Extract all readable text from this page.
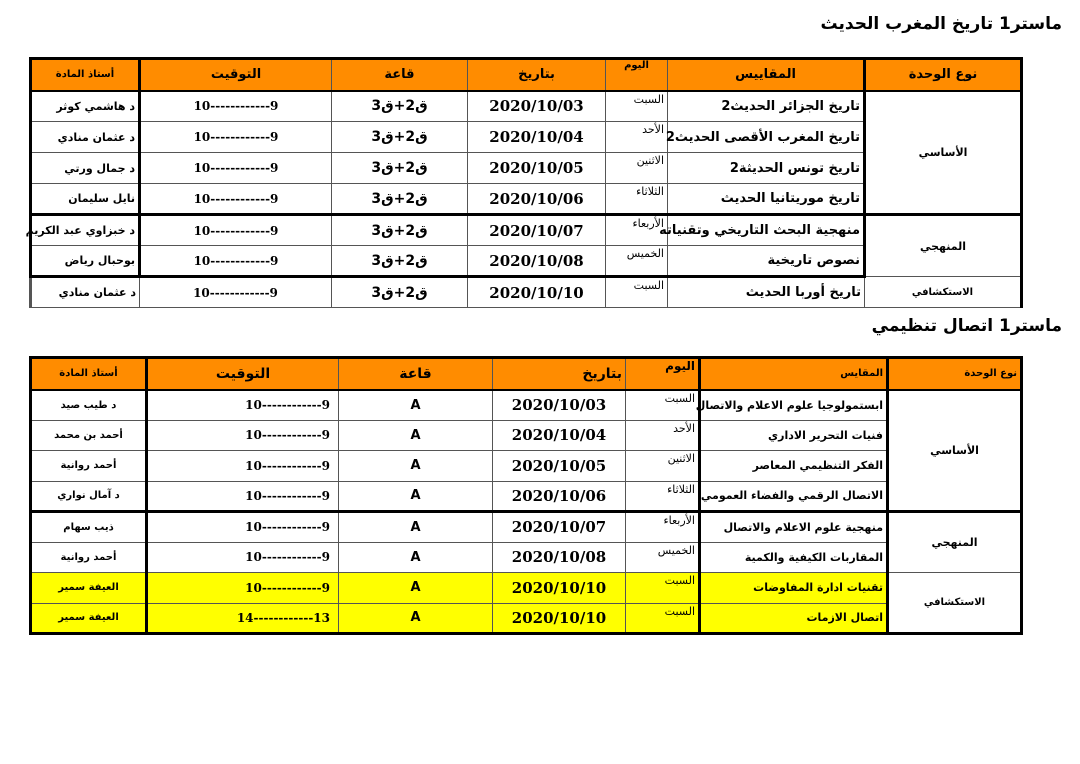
ماستر1 تاريخ المغرب الحديث
نوع الوحدة	المقاييس	اليوم	بتاريخ	قاعة	التوقيت	أستاذ المادة
الأساسي	تاريخ الجزائر الحديث2	السبت	2020/10/03	ق2+ق3	9------------10	د هاشمي كوثر
تاريخ المغرب الأقصى الحديث2	الأحد	2020/10/04	ق2+ق3	9------------10	د عثمان منادي
تاريخ تونس الحديثة2	الاثنين	2020/10/05	ق2+ق3	9------------10	د جمال ورتي
تاريخ موريتانيا الحديث	الثلاثاء	2020/10/06	ق2+ق3	9------------10	نايل سليمان
المنهجي	منهجية البحث التاريخي وتقنياته	الأربعاء	2020/10/07	ق2+ق3	9------------10	د خبزاوي عبد الكريم
نصوص تاريخية	الخميس	2020/10/08	ق2+ق3	9------------10	بوحبال رياض
الاستكشافي	تاريخ أوربا الحديث	السبت	2020/10/10	ق2+ق3	9------------10	د عثمان منادي
ماستر1 اتصال تنظيمي
نوع الوحدة	المقايس	اليوم	بتاريخ	قاعة	التوقيت	أستاذ المادة
الأساسي	ابستمولوجيا علوم الاعلام والاتصال	السبت	2020/10/03	A	9------------10	د طيب صيد
فنيات التحرير الاداري	الأحد	2020/10/04	A	9------------10	أحمد بن محمد
الفكر التنظيمي المعاصر	الاثنين	2020/10/05	A	9------------10	أحمد روانية
الاتصال الرقمي والفضاء العمومي	الثلاثاء	2020/10/06	A	9------------10	د آمال نواري
المنهجي	منهجية علوم الاعلام والاتصال	الأربعاء	2020/10/07	A	9------------10	ذيب سهام
المقاربات الكيفية والكمية	الخميس	2020/10/08	A	9------------10	أحمد روانية
الاستكشافي	تقنيات ادارة المفاوضات	السبت	2020/10/10	A	9------------10	العيفة سمير
اتصال الازمات	السبت	2020/10/10	A	13------------14	العيفة سمير
